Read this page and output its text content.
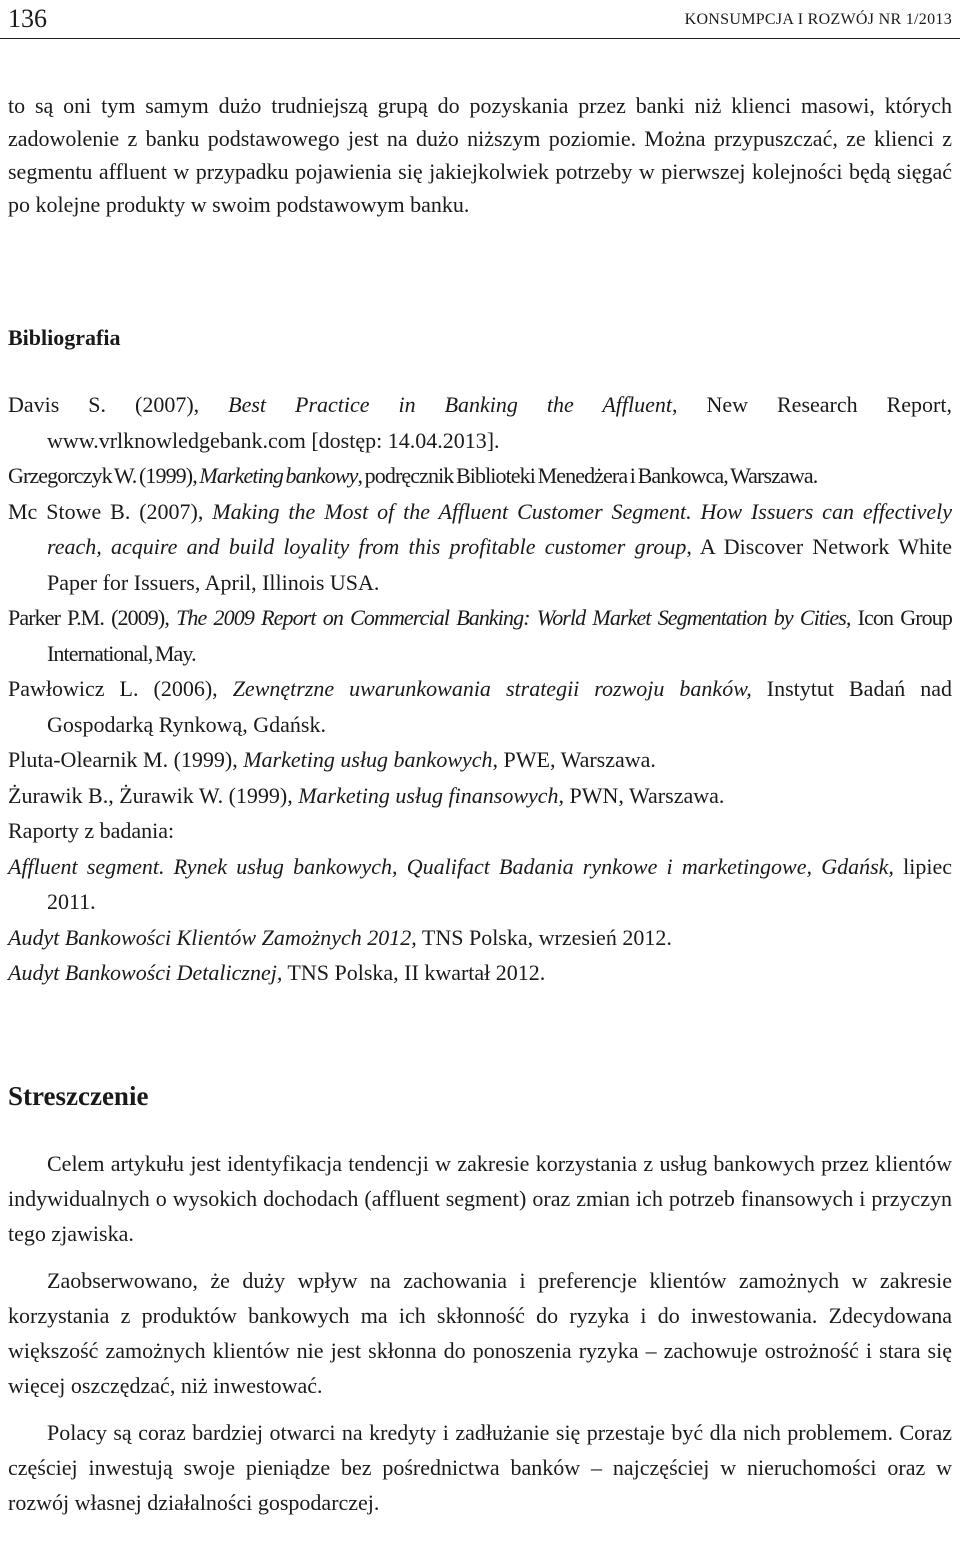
136	KONSUMPCJA I ROZWÓJ NR 1/2013

to są oni tym samym dużo trudniejszą grupą do pozyskania przez banki niż klienci masowi, których zadowolenie z banku podstawowego jest na dużo niższym poziomie. Można przypuszczać, ze klienci z segmentu affluent w przypadku pojawienia się jakiejkolwiek potrzeby w pierwszej kolejności będą sięgać po kolejne produkty w swoim podstawowym banku.

Bibliografia
Davis S. (2007), Best Practice in Banking the Affluent, New Research Report, www.vrlknowledgebank.com [dostęp: 14.04.2013].
Grzegorczyk W. (1999), Marketing bankowy, podręcznik Biblioteki Menedżera i Bankowca, Warszawa.
Mc Stowe B. (2007), Making the Most of the Affluent Customer Segment. How Issuers can effectively reach, acquire and build loyality from this profitable customer group, A Discover Network White Paper for Issuers, April, Illinois USA.
Parker P.M. (2009), The 2009 Report on Commercial Banking: World Market Segmentation by Cities, Icon Group International, May.
Pawłowicz L. (2006), Zewnętrzne uwarunkowania strategii rozwoju banków, Instytut Badań nad Gospodarką Rynkową, Gdańsk.
Pluta-Olearnik M. (1999), Marketing usług bankowych, PWE, Warszawa.
Żurawik B., Żurawik W. (1999), Marketing usług finansowych, PWN, Warszawa.
Raporty z badania:
Affluent segment. Rynek usług bankowych, Qualifact Badania rynkowe i marketingowe, Gdańsk, lipiec 2011.
Audyt Bankowości Klientów Zamożnych 2012, TNS Polska, wrzesień 2012.
Audyt Bankowości Detalicznej, TNS Polska, II kwartał 2012.
Streszczenie

Celem artykułu jest identyfikacja tendencji w zakresie korzystania z usług bankowych przez klientów indywidualnych o wysokich dochodach (affluent segment) oraz zmian ich potrzeb finansowych i przyczyn tego zjawiska.

Zaobserwowano, że duży wpływ na zachowania i preferencje klientów zamożnych w zakresie korzystania z produktów bankowych ma ich skłonność do ryzyka i do inwestowania. Zdecydowana większość zamożnych klientów nie jest skłonna do ponoszenia ryzyka – zachowuje ostrożność i stara się więcej oszczędzać, niż inwestować.

Polacy są coraz bardziej otwarci na kredyty i zadłużanie się przestaje być dla nich problemem. Coraz częściej inwestują swoje pieniądze bez pośrednictwa banków – najczęściej w nieruchomości oraz w rozwój własnej działalności gospodarczej.
